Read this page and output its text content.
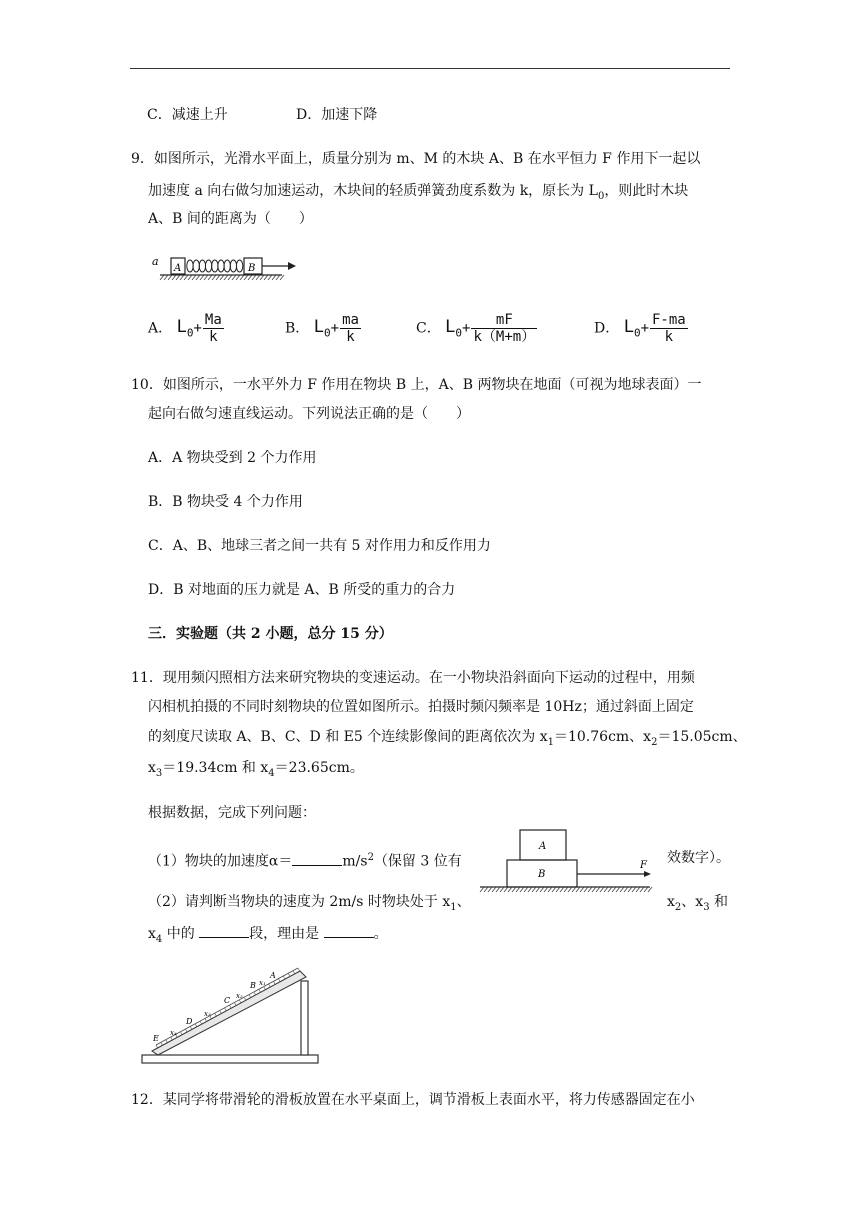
C．减速上升	D．加速下降
9．如图所示，光滑水平面上，质量分别为 m、M 的木块 A、B 在水平恒力 F 作用下一起以
加速度 a 向右做匀加速运动，木块间的轻质弹簧劲度系数为 k，原长为 $L_0$，则此时木块
A、B 间的距离为（　　）
a
A	B
A． $L_0+ \frac{Ma}{k}$	B． $L_0+ \frac{ma}{k}$	C． $L_0+ \frac{mF}{k(M+m)}$	D． $L_0+ \frac{F-ma}{k}$
10．如图所示，一水平外力 F 作用在物块 B 上，A、B 两物块在地面（可视为地球表面）一
起向右做匀速直线运动。下列说法正确的是（　　）
A．A 物块受到 2 个力作用
B．B 物块受 4 个力作用
C．A、B、地球三者之间一共有 5 对作用力和反作用力
D．B 对地面的压力就是 A、B 所受的重力的合力
三．实验题（共 2 小题，总分 15 分）
11．现用频闪照相方法来研究物块的变速运动。在一小物块沿斜面向下运动的过程中，用频
闪相机拍摄的不同时刻物块的位置如图所示。拍摄时频闪频率是 10Hz；通过斜面上固定
的刻度尺读取 A、B、C、D 和 E5 个连续影像间的距离依次为 $x_1=10.76cm$、$x_2=15.05cm$、
$x_3=19.34cm$ 和 $x_4=23.65cm$。
根据数据，完成下列问题：
（1）物块的加速度α＝	$m/s^2$（保留 3 位有	效数字）。
A
B
F
（2）请判断当物块的速度为 2m/s 时物块处于 $x_1$、	$x_2$、$x_3$ 和
$x_4$ 中的	段，理由是	。
E
D
C
B
A
x₄
x₃
x₂
x₁
12．某同学将带滑轮的滑板放置在水平桌面上，调节滑板上表面水平，将力传感器固定在小
